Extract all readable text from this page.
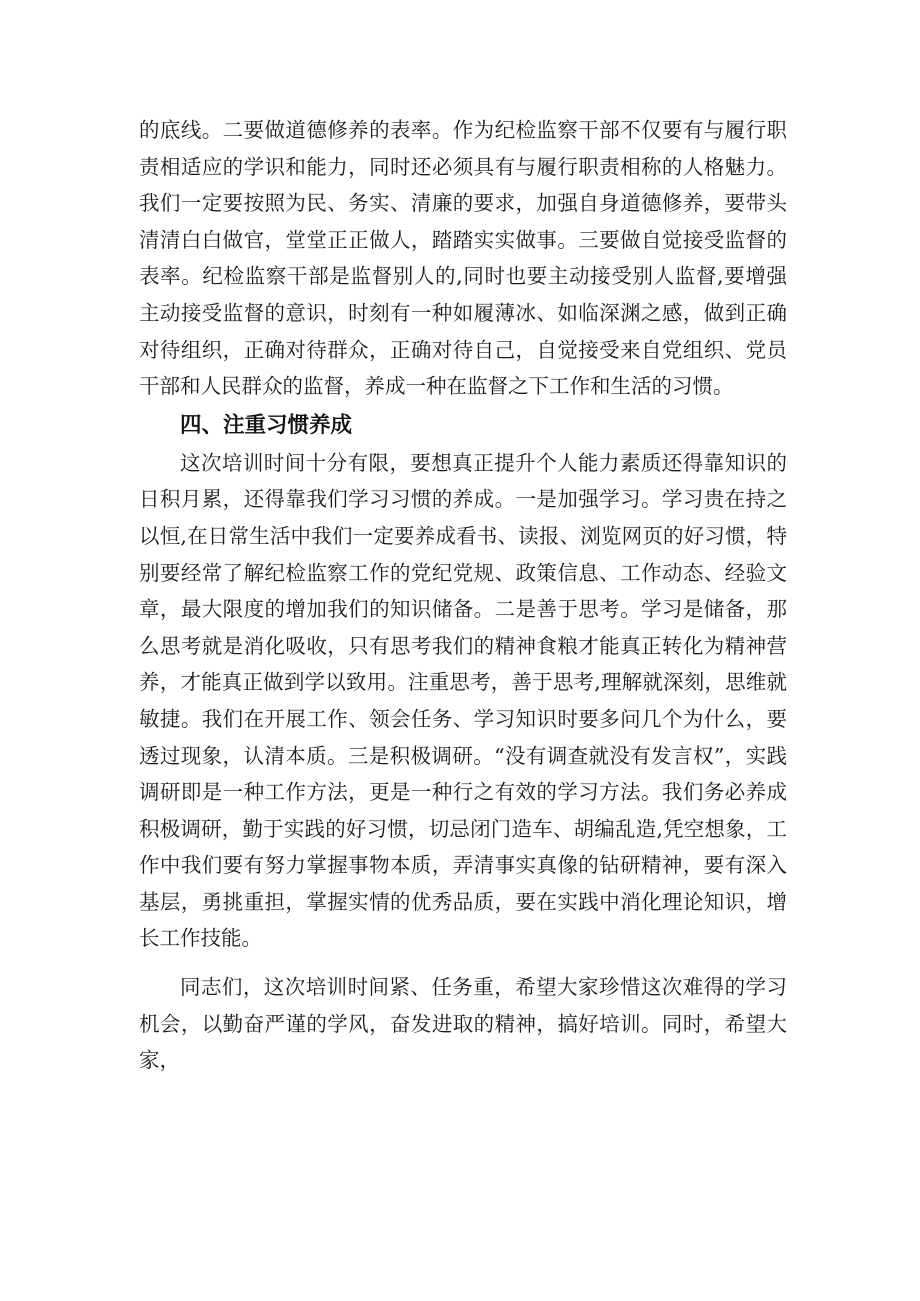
的底线。二要做道德修养的表率。作为纪检监察干部不仅要有与履行职责相适应的学识和能力，同时还必须具有与履行职责相称的人格魅力。我们一定要按照为民、务实、清廉的要求，加强自身道德修养，要带头清清白白做官，堂堂正正做人，踏踏实实做事。三要做自觉接受监督的表率。纪检监察干部是监督别人的,同时也要主动接受别人监督,要增强主动接受监督的意识，时刻有一种如履薄冰、如临深渊之感，做到正确对待组织，正确对待群众，正确对待自己，自觉接受来自党组织、党员干部和人民群众的监督，养成一种在监督之下工作和生活的习惯。

四、注重习惯养成

这次培训时间十分有限，要想真正提升个人能力素质还得靠知识的日积月累，还得靠我们学习习惯的养成。一是加强学习。学习贵在持之以恒,在日常生活中我们一定要养成看书、读报、浏览网页的好习惯，特别要经常了解纪检监察工作的党纪党规、政策信息、工作动态、经验文章，最大限度的增加我们的知识储备。二是善于思考。学习是储备，那么思考就是消化吸收，只有思考我们的精神食粮才能真正转化为精神营养，才能真正做到学以致用。注重思考，善于思考,理解就深刻，思维就敏捷。我们在开展工作、领会任务、学习知识时要多问几个为什么，要透过现象，认清本质。三是积极调研。“没有调查就没有发言权”，实践调研即是一种工作方法，更是一种行之有效的学习方法。我们务必养成积极调研，勤于实践的好习惯，切忌闭门造车、胡编乱造,凭空想象，工作中我们要有努力掌握事物本质，弄清事实真像的钻研精神，要有深入基层，勇挑重担，掌握实情的优秀品质，要在实践中消化理论知识，增长工作技能。

同志们，这次培训时间紧、任务重，希望大家珍惜这次难得的学习机会，以勤奋严谨的学风，奋发进取的精神，搞好培训。同时，希望大家，
